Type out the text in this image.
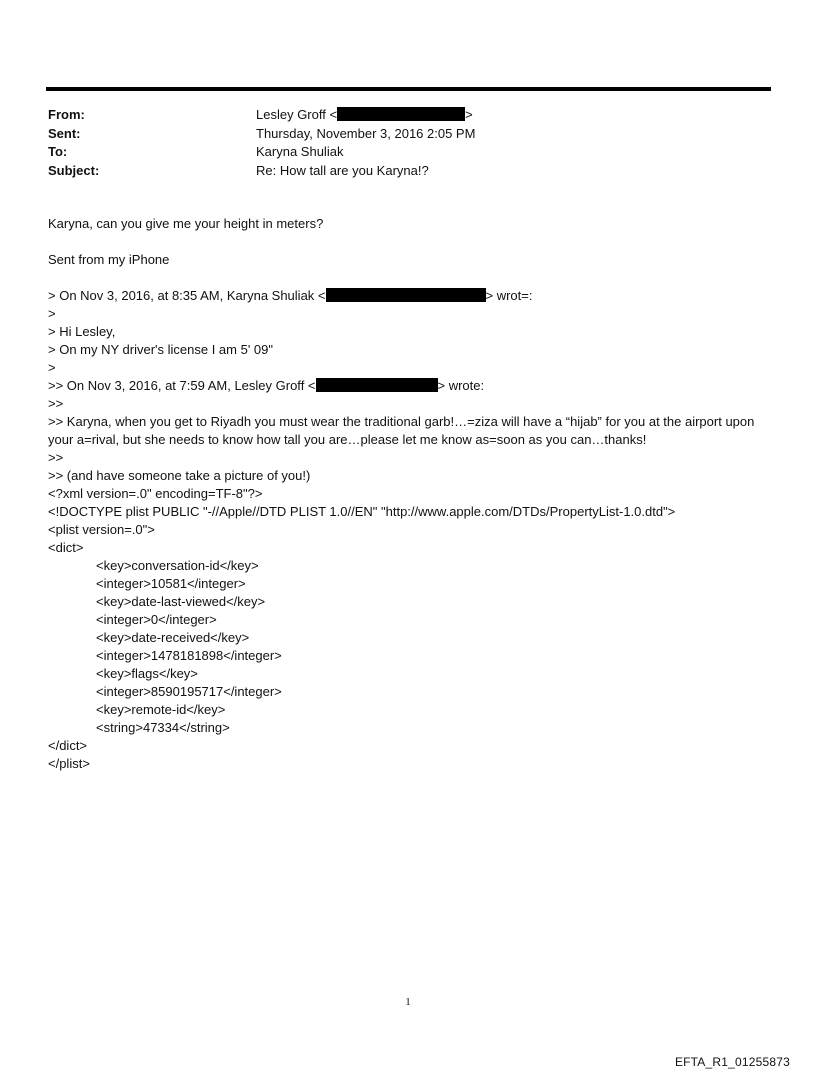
From:	Lesley Groff <	>
Sent:	Thursday, November 3, 2016 2:05 PM
To:	Karyna Shuliak
Subject:	Re: How tall are you Karyna!?
Karyna, can you give me your height in meters?
Sent from my iPhone
> On Nov 3, 2016, at 8:35 AM, Karyna Shuliak <	> wrot=:
>
> Hi Lesley,
> On my NY driver's license I am 5' 09"
>
>> On Nov 3, 2016, at 7:59 AM, Lesley Groff <	> wrote:
>>
>> Karyna, when you get to Riyadh you must wear the traditional garb!…=ziza will have a “hijab” for you at the airport upon your a=rival, but she needs to know how tall you are…please let me know as=soon as you can…thanks!
>>
>> (and have someone take a picture of you!)
<?xml version=.0" encoding=TF-8"?>
<!DOCTYPE plist PUBLIC "-//Apple//DTD PLIST 1.0//EN" "http://www.apple.com/DTDs/PropertyList-1.0.dtd">
<plist version=.0">
<dict>
<key>conversation-id</key>
<integer>10581</integer>
<key>date-last-viewed</key>
<integer>0</integer>
<key>date-received</key>
<integer>1478181898</integer>
<key>flags</key>
<integer>8590195717</integer>
<key>remote-id</key>
<string>47334</string>
</dict>
</plist>
1
EFTA_R1_01255873
